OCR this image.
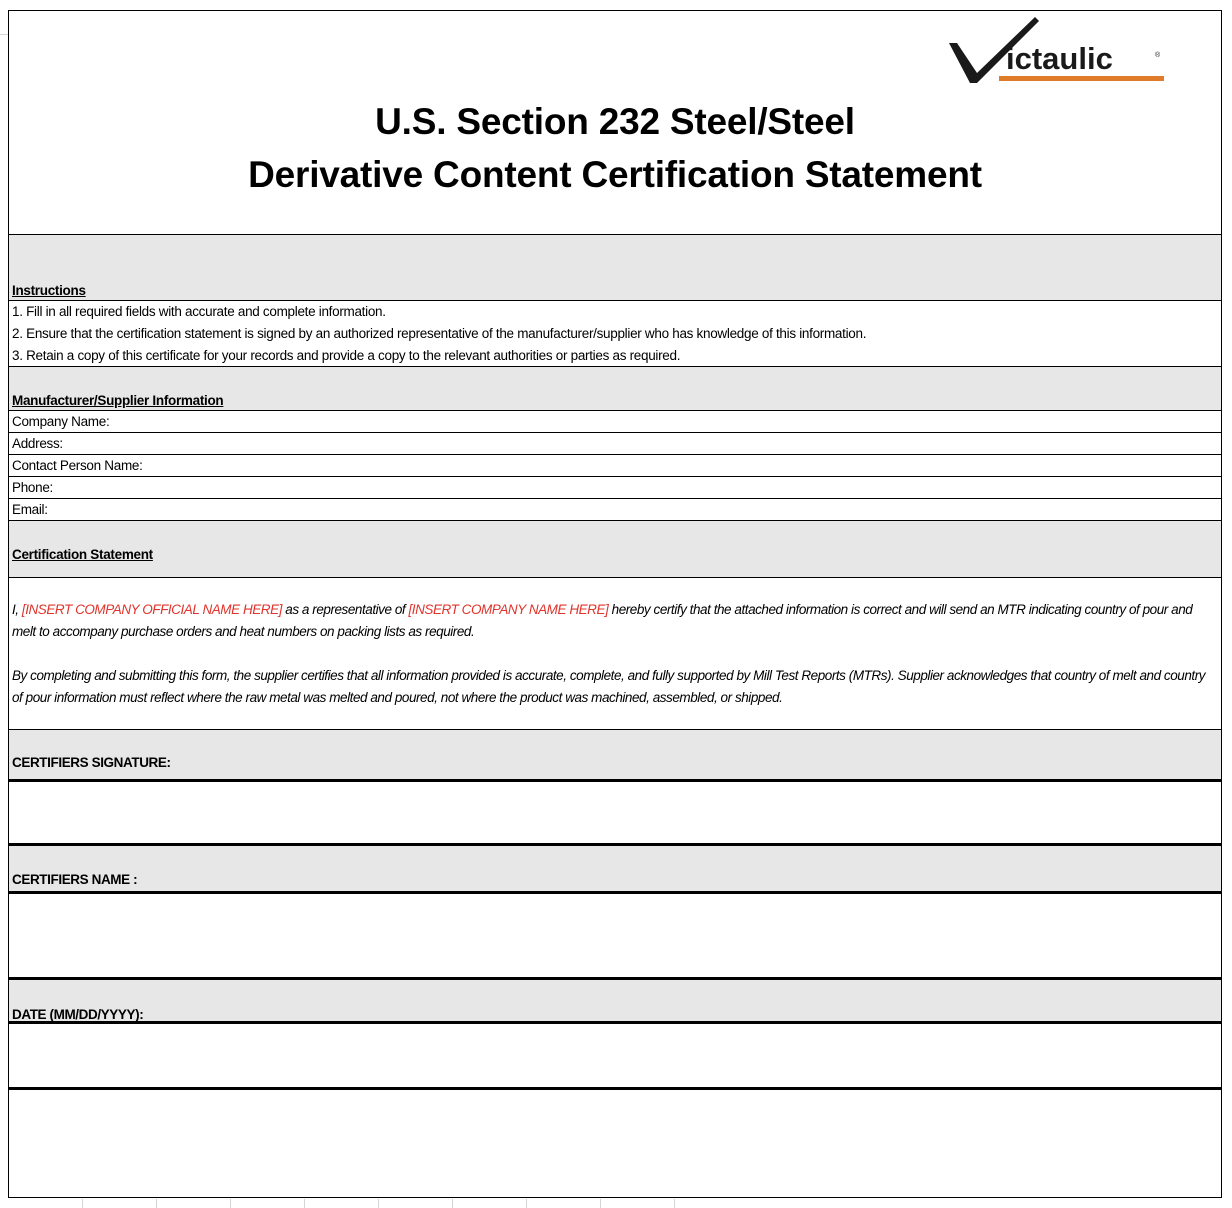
ictaulic	®
U.S. Section 232 Steel/Steel
Derivative Content Certification Statement
Instructions
1. Fill in all required fields with accurate and complete information.
2. Ensure that the certification statement is signed by an authorized representative of the manufacturer/supplier who has knowledge of this information.
3. Retain a copy of this certificate for your records and provide a copy to the relevant authorities or parties as required.
Manufacturer/Supplier Information
Company Name:
Address:
Contact Person Name:
Phone:
Email:
Certification Statement
I, [INSERT COMPANY OFFICIAL NAME HERE] as a representative of [INSERT COMPANY NAME HERE] hereby certify that the attached information is correct and will send an MTR indicating country of pour and melt to accompany purchase orders and heat numbers on packing lists as required.
By completing and submitting this form, the supplier certifies that all information provided is accurate, complete, and fully supported by Mill Test Reports (MTRs). Supplier acknowledges that country of melt and country of pour information must reflect where the raw metal was melted and poured, not where the product was machined, assembled, or shipped.
CERTIFIERS SIGNATURE:
CERTIFIERS NAME :
DATE (MM/DD/YYYY):
